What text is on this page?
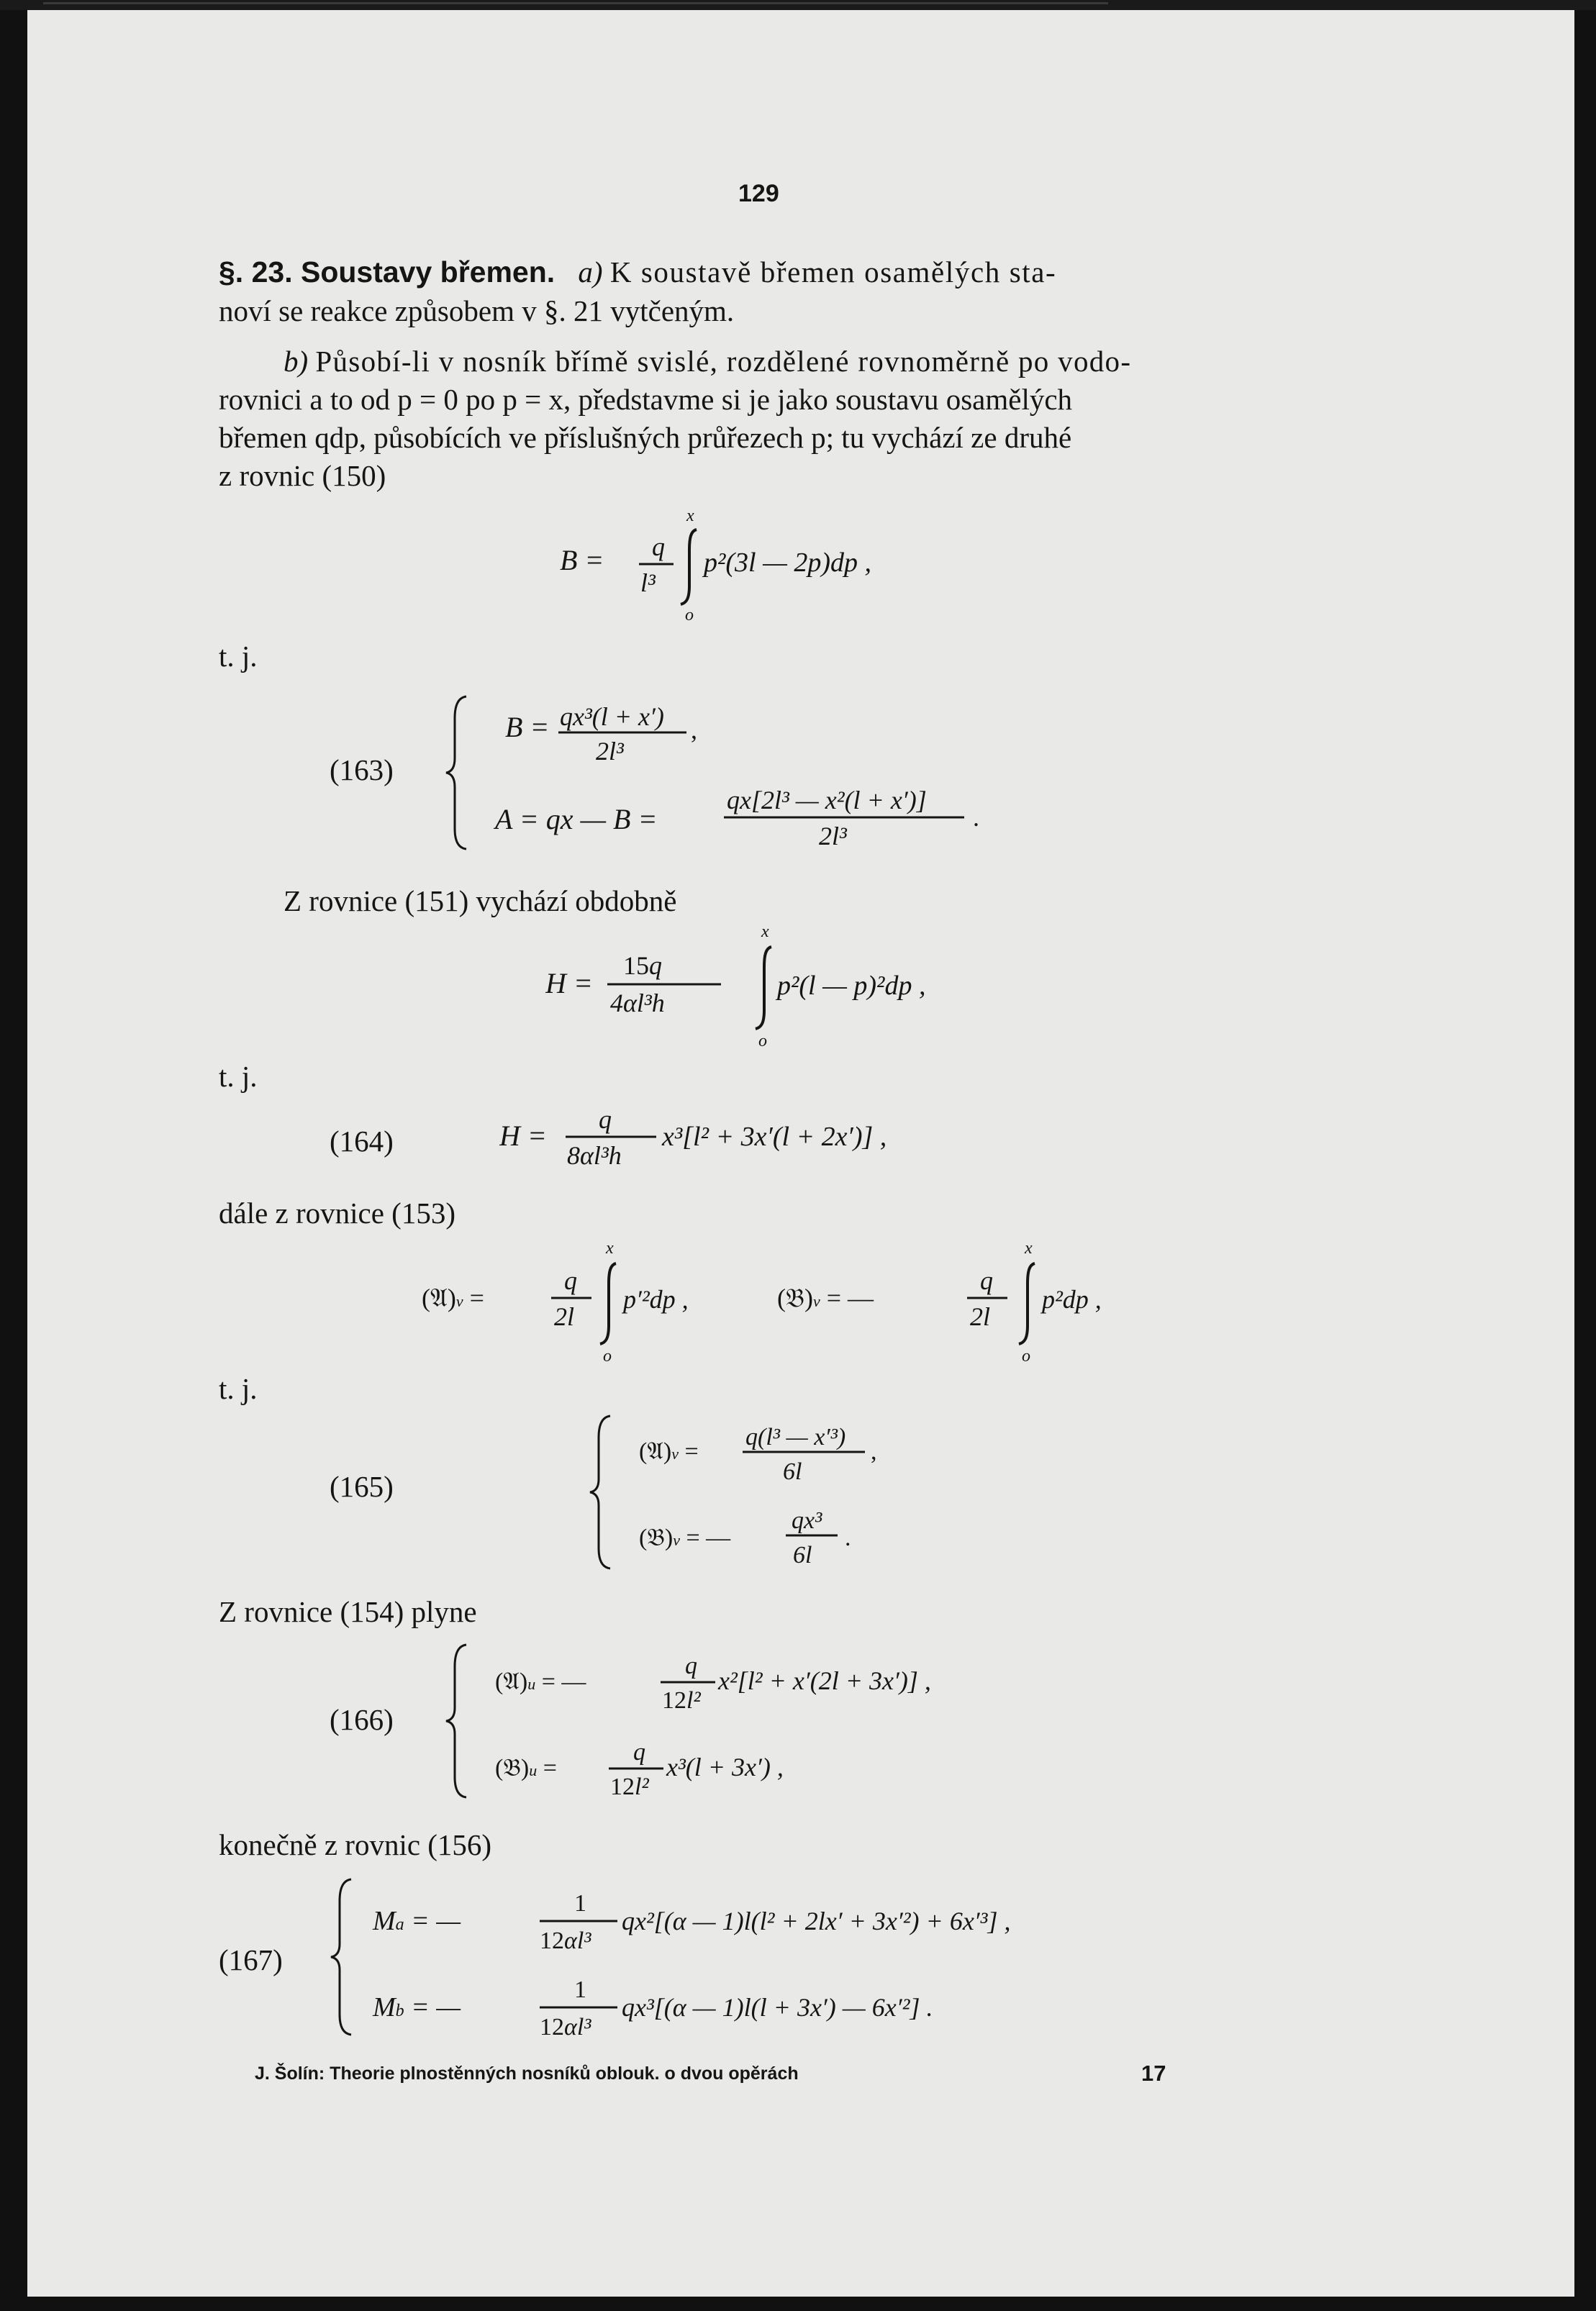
129
§. 23. Soustavy břemen. a) K soustavě břemen osamělých sta-
noví se reakce způsobem v §. 21 vytčeným.
b) Působí-li v nosník břímě svislé, rozdělené rovnoměrně po vodo-
rovnici a to od p = 0 po p = x, představme si je jako soustavu osamělých
břemen qdp, působících ve příslušných průřezech p; tu vychází ze druhé
z rovnic (150)
B = q
l³
x
o
p²(3l — 2p)dp ,
t. j.
(163)
B = qx³(l + x′)
2l³
,
A = qx — B =
qx[2l³ — x²(l + x′)]
2l³
.
Z rovnice (151) vychází obdobně
H =
15q
4αl³h
x
o
p²(l — p)²dp ,
t. j.
(164)	H = q
8αl³h
x³[l² + 3x′(l + 2x′)] ,
dále z rovnice (153)
(𝔄)v =
q
2l
x
o
p′²dp ,	(𝔅)v = —
q
2l
x
o
p²dp ,
t. j.
(165)
(𝔄)v =
q(l³ — x′³)
6l
,
(𝔅)v = —
qx³
6l
.
Z rovnice (154) plyne
(166)
(𝔄)u = —
q
12l²
x²[l² + x′(2l + 3x′)] ,
(𝔅)u =
q
12l²
x³(l + 3x′) ,
konečně z rovnic (156)
(167)
Ma = —
1
12αl³
qx²[(α — 1)l(l² + 2lx′ + 3x′²) + 6x′³] ,
Mb = —
1
12αl³
qx³[(α — 1)l(l + 3x′) — 6x′²] .
J. Šolín: Theorie plnostěnných nosníků oblouk. o dvou opěrách	17
